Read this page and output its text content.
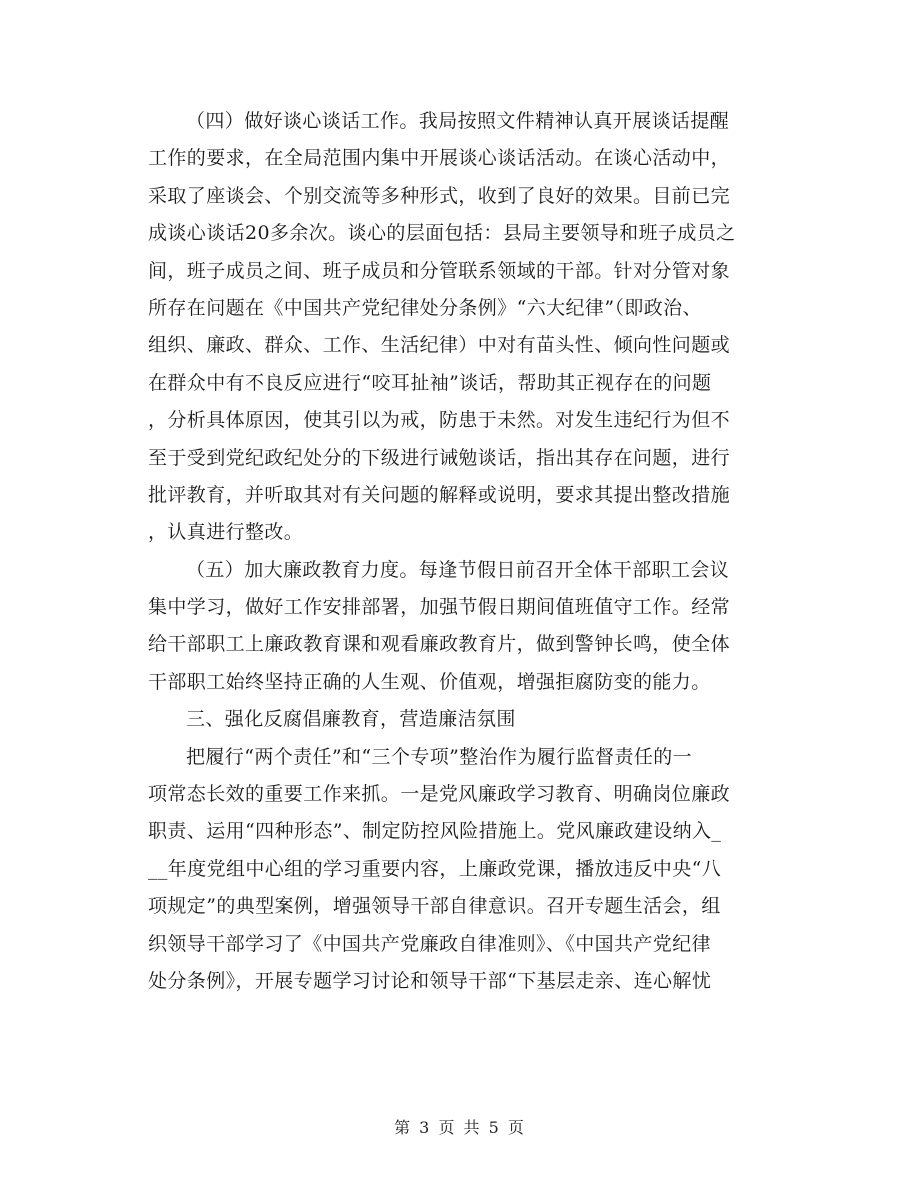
（四）做好谈心谈话工作。我局按照文件精神认真开展谈话提醒
工作的要求，在全局范围内集中开展谈心谈话活动。在谈心活动中，
采取了座谈会、个别交流等多种形式，收到了良好的效果。目前已完
成谈心谈话20多余次。谈心的层面包括：县局主要领导和班子成员之
间，班子成员之间、班子成员和分管联系领域的干部。针对分管对象
所存在问题在《中国共产党纪律处分条例》“六大纪律”（即政治、
组织、廉政、群众、工作、生活纪律）中对有苗头性、倾向性问题或
在群众中有不良反应进行“咬耳扯袖”谈话，帮助其正视存在的问题
，分析具体原因，使其引以为戒，防患于未然。对发生违纪行为但不
至于受到党纪政纪处分的下级进行诫勉谈话，指出其存在问题，进行
批评教育，并听取其对有关问题的解释或说明，要求其提出整改措施
，认真进行整改。
（五）加大廉政教育力度。每逢节假日前召开全体干部职工会议
集中学习，做好工作安排部署，加强节假日期间值班值守工作。经常
给干部职工上廉政教育课和观看廉政教育片，做到警钟长鸣，使全体
干部职工始终坚持正确的人生观、价值观，增强拒腐防变的能力。
三、强化反腐倡廉教育，营造廉洁氛围
把履行“两个责任”和“三个专项”整治作为履行监督责任的一
项常态长效的重要工作来抓。一是党风廉政学习教育、明确岗位廉政
职责、运用“四种形态”、制定防控风险措施上。党风廉政建设纳入_
__年度党组中心组的学习重要内容，上廉政党课，播放违反中央“八
项规定”的典型案例，增强领导干部自律意识。召开专题生活会，组
织领导干部学习了《中国共产党廉政自律准则》、《中国共产党纪律
处分条例》，开展专题学习讨论和领导干部“下基层走亲、连心解忧
第 3 页 共 5 页
